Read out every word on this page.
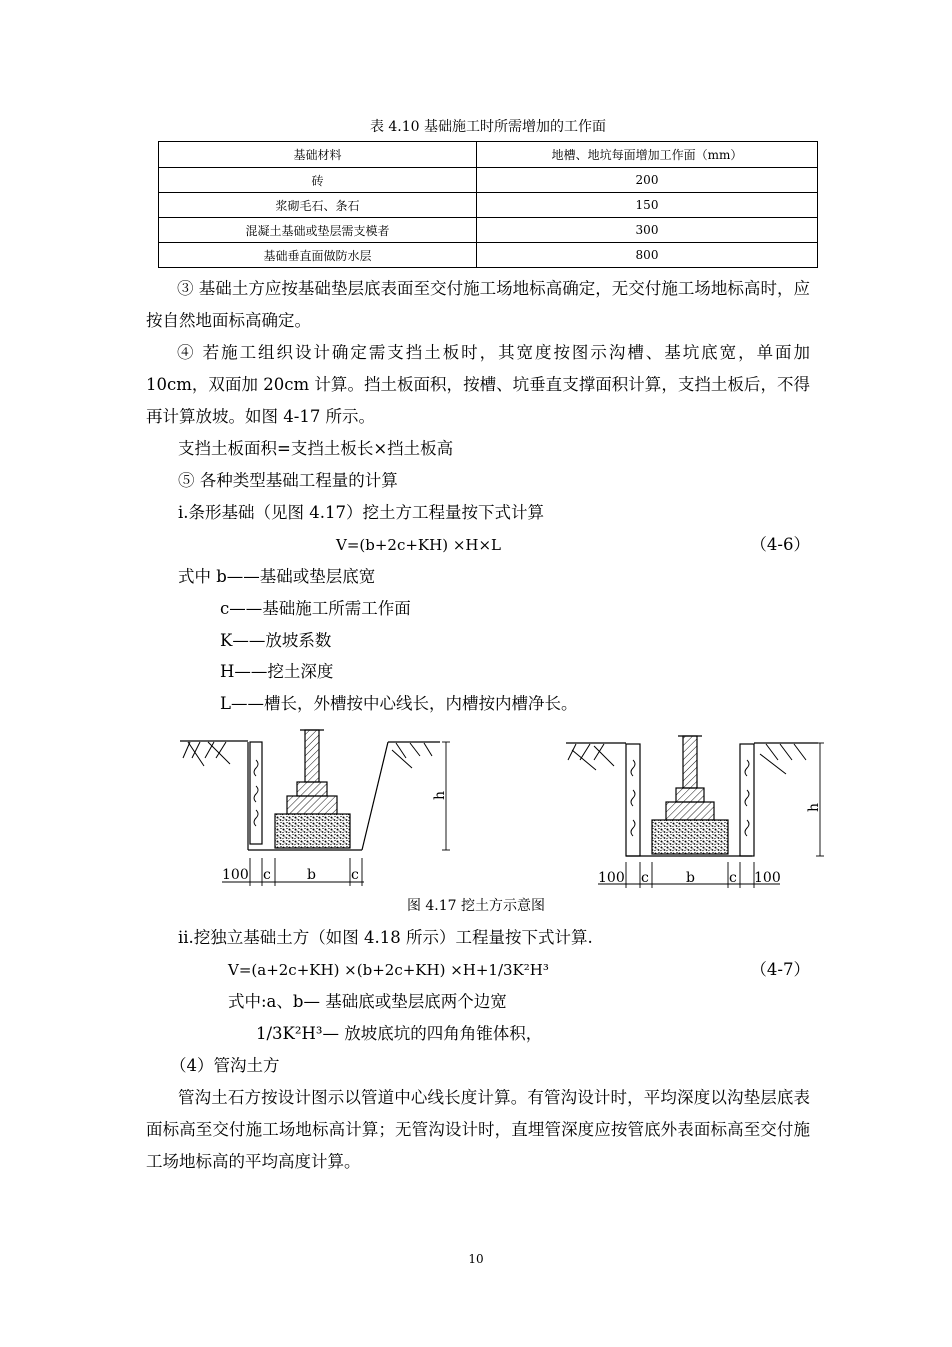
表 4.10 基础施工时所需增加的工作面
基础材料	地槽、地坑每面增加工作面（mm）
砖	200
浆砌毛石、条石	150
混凝土基础或垫层需支模者	300
基础垂直面做防水层	800
③ 基础土方应按基础垫层底表面至交付施工场地标高确定，无交付施工场地标高时，应按自然地面标高确定。
④ 若施工组织设计确定需支挡土板时，其宽度按图示沟槽、基坑底宽，单面加 10cm，双面加 20cm 计算。挡土板面积，按槽、坑垂直支撑面积计算，支挡土板后，不得再计算放坡。如图 4-17 所示。
支挡土板面积=支挡土板长×挡土板高
⑤ 各种类型基础工程量的计算
ⅰ.条形基础（见图 4.17）挖土方工程量按下式计算
V=(b+2c+KH) ×H×L	（4-6）
式中 b——基础或垫层底宽
c——基础施工所需工作面
K——放坡系数
H——挖土深度
L——槽长，外槽按中心线长，内槽按内槽净长。
100 c	b	c
h
100 c	b c 100
h
图 4.17 挖土方示意图
ⅱ.挖独立基础土方（如图 4.18 所示）工程量按下式计算.
V=(a+2c+KH) ×(b+2c+KH) ×H+1/3K²H³	（4-7）
式中:a、b— 基础底或垫层底两个边宽
1/3K²H³— 放坡底坑的四角角锥体积，
（4）管沟土方
管沟土石方按设计图示以管道中心线长度计算。有管沟设计时，平均深度以沟垫层底表面标高至交付施工场地标高计算；无管沟设计时，直埋管深度应按管底外表面标高至交付施工场地标高的平均高度计算。
10
